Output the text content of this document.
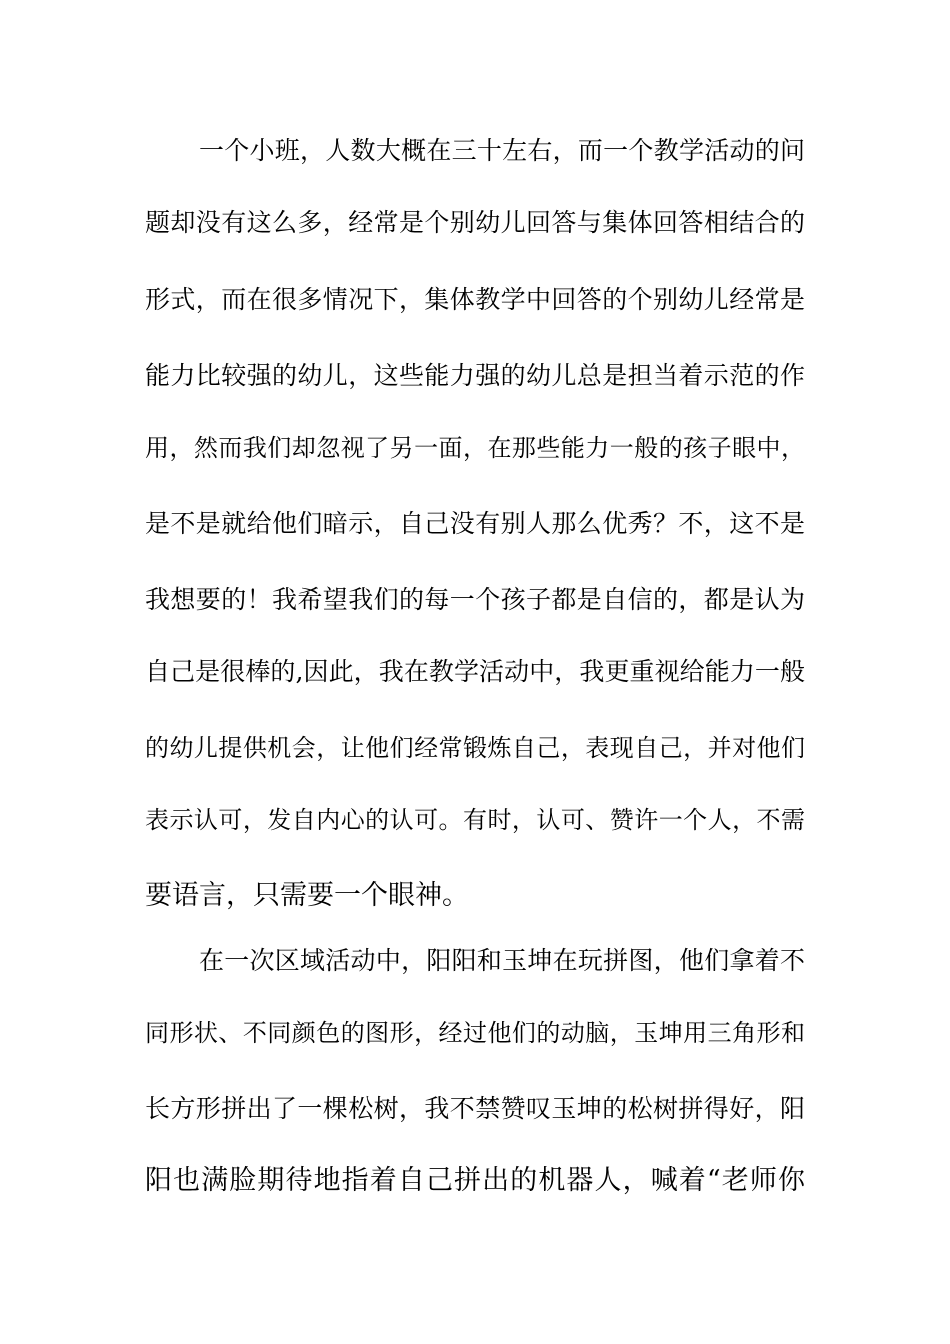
一个小班，人数大概在三十左右，而一个教学活动的问
题却没有这么多，经常是个别幼儿回答与集体回答相结合的
形式，而在很多情况下，集体教学中回答的个别幼儿经常是
能力比较强的幼儿，这些能力强的幼儿总是担当着示范的作
用，然而我们却忽视了另一面，在那些能力一般的孩子眼中，
是不是就给他们暗示，自己没有别人那么优秀？不，这不是
我想要的！我希望我们的每一个孩子都是自信的，都是认为
自己是很棒的,因此，我在教学活动中，我更重视给能力一般
的幼儿提供机会，让他们经常锻炼自己，表现自己，并对他们
表示认可，发自内心的认可。有时，认可、赞许一个人，不需
要语言，只需要一个眼神。
在一次区域活动中，阳阳和玉坤在玩拼图，他们拿着不
同形状、不同颜色的图形，经过他们的动脑，玉坤用三角形和
长方形拼出了一棵松树，我不禁赞叹玉坤的松树拼得好，阳
阳也满脸期待地指着自己拼出的机器人，喊着“老师你
